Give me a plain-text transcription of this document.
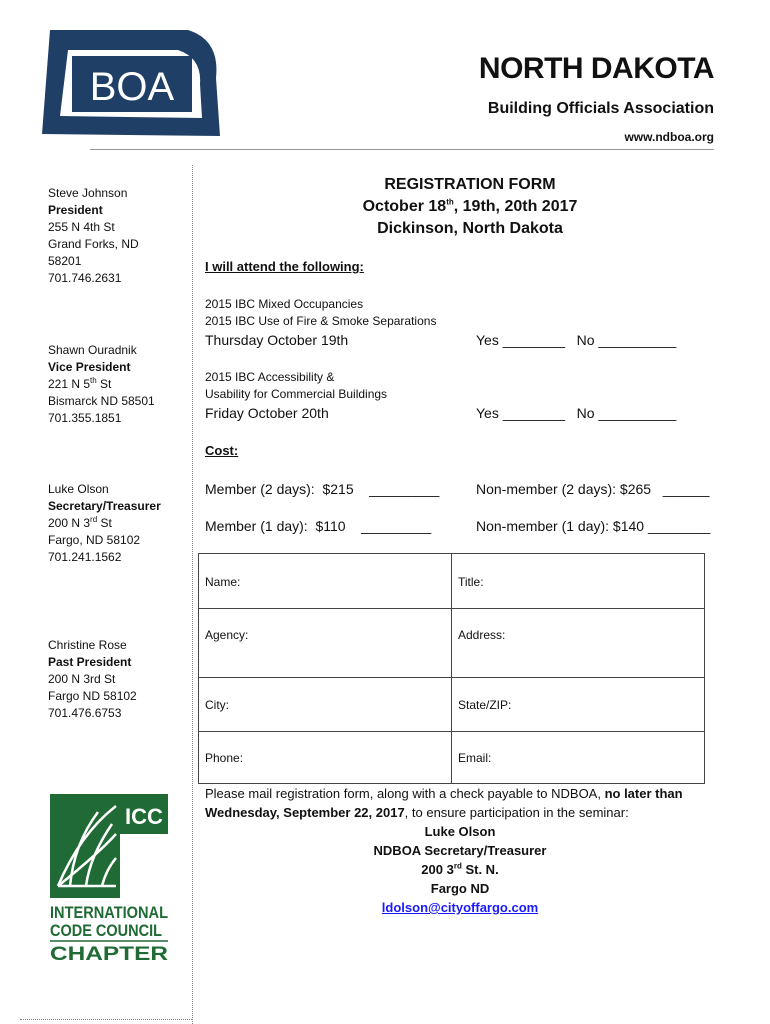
BOA	NORTH DAKOTA
Building Officials Association
www.ndboa.org
Steve Johnson
President
255 N 4th St
Grand Forks, ND
58201
701.746.2631
Shawn Ouradnik
Vice President
221 N 5th St
Bismarck ND 58501
701.355.1851
Luke Olson
Secretary/Treasurer
200 N 3rd St
Fargo, ND 58102
701.241.1562
Christine Rose
Past President
200 N 3rd St
Fargo ND 58102
701.476.6753
ICC
INTERNATIONAL
CODE COUNCIL
CHAPTER
REGISTRATION FORM
October 18th, 19th, 20th 2017
Dickinson, North Dakota
I will attend the following:
2015 IBC Mixed Occupancies
2015 IBC Use of Fire & Smoke Separations
Thursday October 19th	Yes ________   No __________
2015 IBC Accessibility &
Usability for Commercial Buildings
Friday October 20th	Yes ________   No __________
Cost:
Member (2 days):  $215    _________	Non-member (2 days): $265   ______
Member (1 day):  $110    _________	Non-member (1 day): $140 ________
Name:	Title:
Agency:	Address:
City:	State/ZIP:
Phone:	Email:
Please mail registration form, along with a check payable to NDBOA, no later than Wednesday, September 22, 2017, to ensure participation in the seminar:
Luke Olson
NDBOA Secretary/Treasurer
200 3rd St. N.
Fargo ND
ldolson@cityoffargo.com
